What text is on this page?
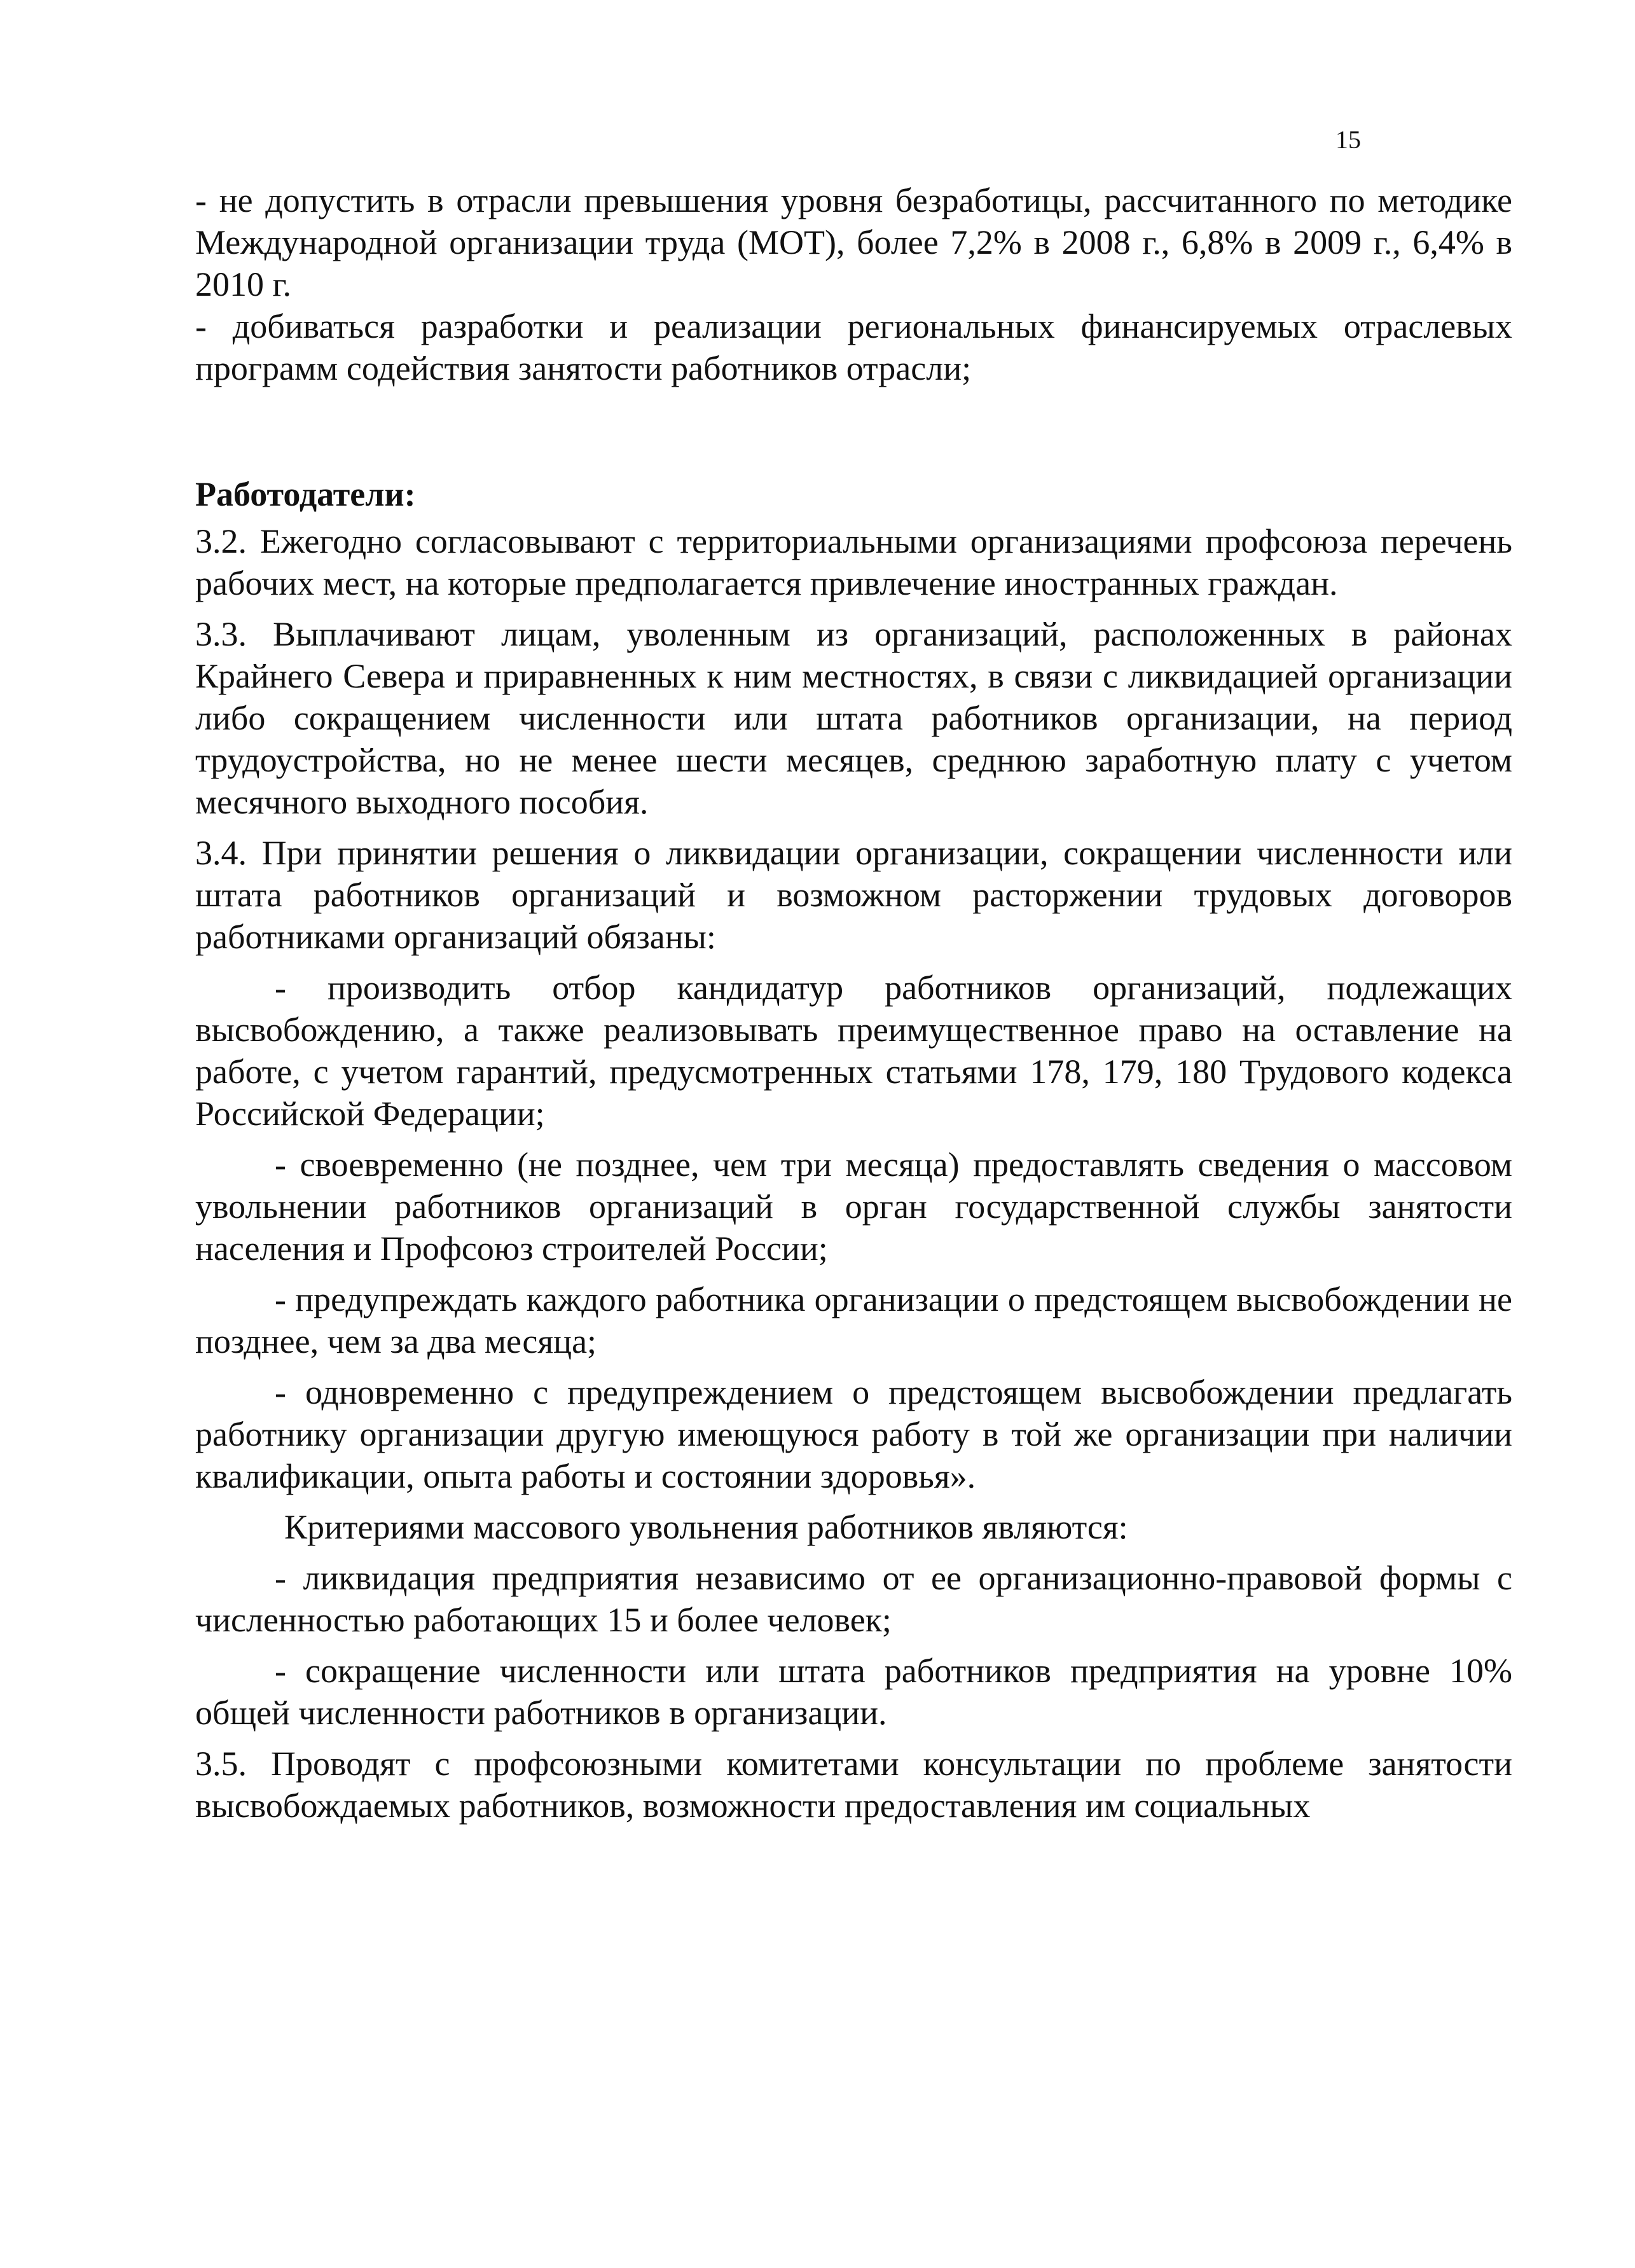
15

- не допустить в отрасли превышения уровня безработицы, рассчитанного по методике Международной организации труда (МОТ), более 7,2% в 2008 г., 6,8% в 2009 г., 6,4% в 2010 г.

- добиваться разработки и реализации региональных финансируемых отраслевых программ содействия занятости работников отрасли;

Работодатели:

3.2. Ежегодно согласовывают с территориальными организациями профсоюза перечень рабочих мест, на которые предполагается привлечение иностранных граждан.

3.3. Выплачивают лицам, уволенным из организаций, расположенных в районах Крайнего Севера и приравненных к ним местностях, в связи с ликвидацией организации либо сокращением численности или штата работников организации, на период трудоустройства, но не менее шести месяцев, среднюю заработную плату с учетом месячного выходного пособия.

3.4. При принятии решения о ликвидации организации, сокращении численности или штата работников организаций и возможном расторжении трудовых договоров работниками организаций обязаны:

- производить отбор кандидатур работников организаций, подлежащих высвобождению, а также реализовывать преимущественное право на оставление на работе, с учетом гарантий, предусмотренных статьями 178, 179, 180 Трудового кодекса Российской Федерации;

- своевременно (не позднее, чем три месяца) предоставлять сведения о массовом увольнении работников организаций в орган государственной службы занятости населения и Профсоюз строителей России;

- предупреждать каждого работника организации о предстоящем высвобождении не позднее, чем за два месяца;

- одновременно с предупреждением о предстоящем высвобождении предлагать работнику организации другую имеющуюся работу в той же организации при наличии квалификации, опыта работы и состоянии здоровья».

Критериями массового увольнения работников являются:

- ликвидация предприятия независимо от ее организационно-правовой формы с численностью работающих 15 и более человек;

- сокращение численности или штата работников предприятия на уровне 10% общей численности работников в организации.

3.5. Проводят с профсоюзными комитетами консультации по проблеме занятости высвобождаемых работников, возможности предоставления им социальных
